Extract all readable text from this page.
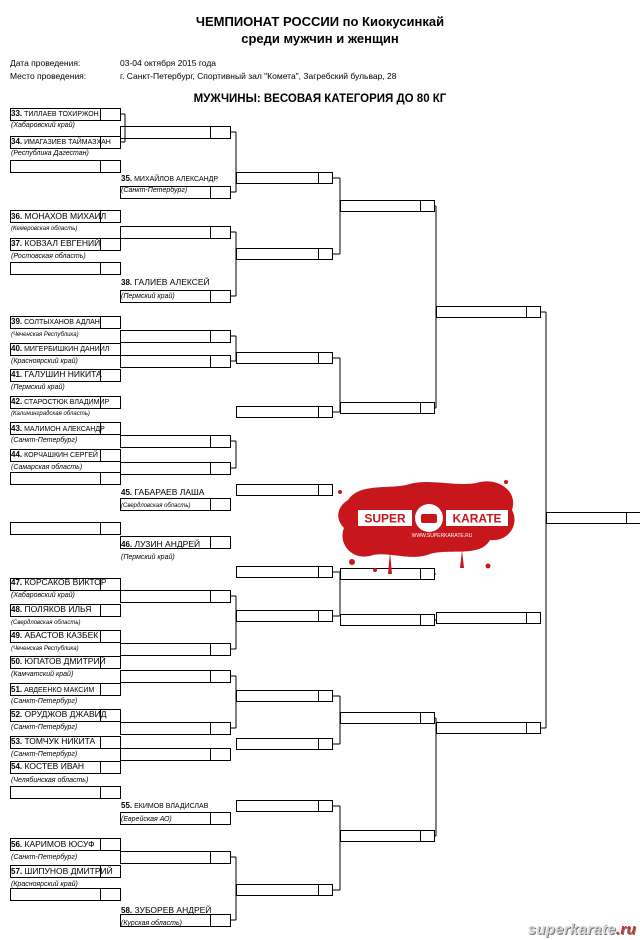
ЧЕМПИОНАТ РОССИИ по Киокусинкай
среди мужчин и женщин
Дата проведения:	03-04 октября 2015 года
Место проведения:	г. Санкт-Петербург, Спортивный зал "Комета", Загребский бульвар, 28
МУЖЧИНЫ: ВЕСОВАЯ КАТЕГОРИЯ ДО 80 КГ
33. ТИЛЛАЕВ ТОХИРЖОН
(Хабаровский край)
34. ИМАГАЗИЕВ ТАЙМАЗХАН
(Республика Дагестан)
35. МИХАЙЛОВ АЛЕКСАНДР
(Санкт-Петербург)
36. МОНАХОВ МИХАИЛ
(Кемеровская область)
37. КОВЗАЛ ЕВГЕНИЙ
(Ростовская область)
38. ГАЛИЕВ АЛЕКСЕЙ
(Пермский край)
39. СОЛТЫХАНОВ АДЛАН
(Чеченская Республика)
40. МИГЕРБИШКИН ДАНИИЛ
(Красноярский край)
41. ГАЛУШИН НИКИТА
(Пермский край)
42. СТАРОСТЮК ВЛАДИМИР
(Калининградская область)
43. МАЛИМОН АЛЕКСАНДР
(Санкт-Петербург)
44. КОРЧАШКИН СЕРГЕЙ
(Самарская область)
45. ГАБАРАЕВ ЛАША
(Свердловская область)
46. ЛУЗИН АНДРЕЙ
(Пермский край)
47. КОРСАКОВ ВИКТОР
(Хабаровский край)
48. ПОЛЯКОВ ИЛЬЯ
(Свердловская область)
49. АБАСТОВ КАЗБЕК
(Чеченская Республика)
50. ЮПАТОВ ДМИТРИЙ
(Камчатский край)
51. АВДЕЕНКО МАКСИМ
(Санкт-Петербург)
52. ОРУДЖОВ ДЖАВИД
(Санкт-Петербург)
53. ТОМЧУК НИКИТА
(Санкт-Петербург)
54. КОСТЕВ ИВАН
(Челябинская область)
55. ЕКИМОВ ВЛАДИСЛАВ
(Еврейская АО)
56. КАРИМОВ ЮСУФ
(Санкт-Петербург)
57. ШИПУНОВ ДМИТРИЙ
(Красноярский край)
58. ЗУБОРЕВ АНДРЕЙ
(Курская область)
SUPER	KARATE
WWW.SUPERKARATE.RU
superkarate.ru
